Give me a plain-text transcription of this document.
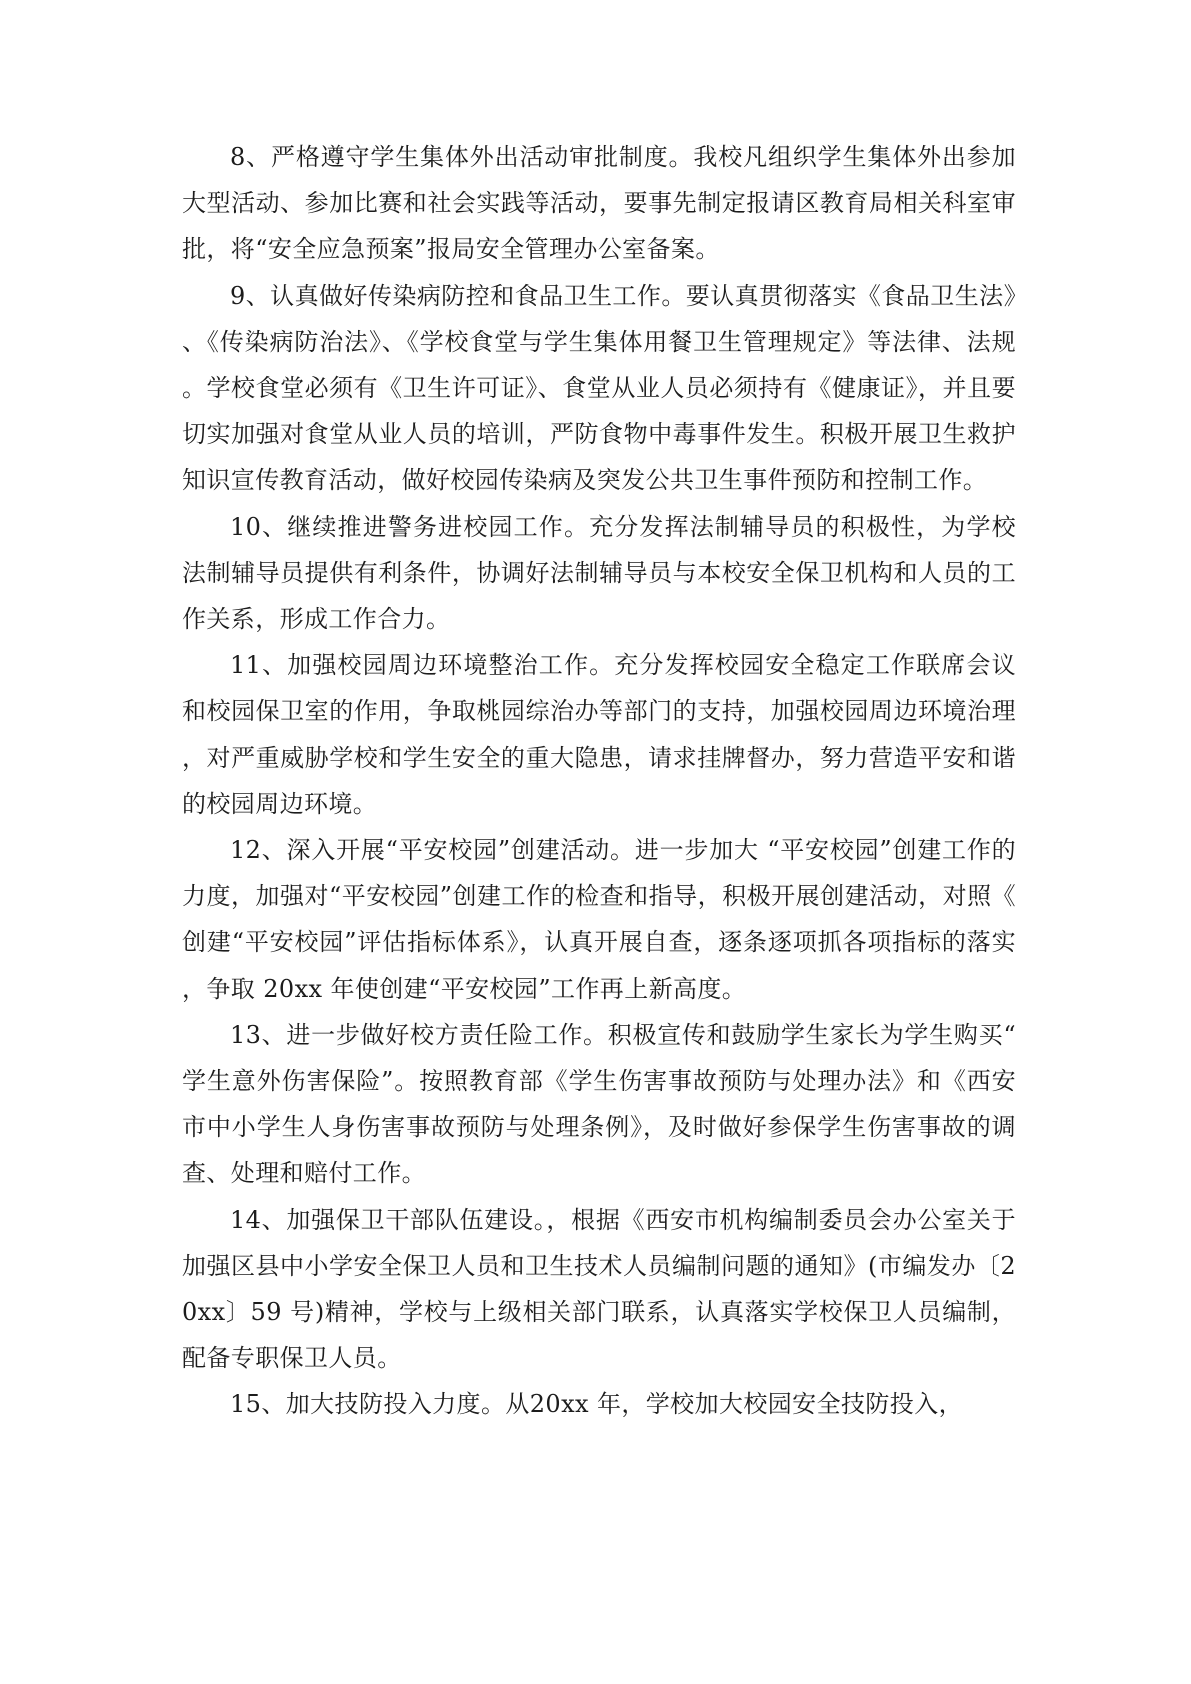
8、严格遵守学生集体外出活动审批制度。我校凡组织学生集体外出参加大型活动、参加比赛和社会实践等活动，要事先制定报请区教育局相关科室审批，将“安全应急预案”报局安全管理办公室备案。

9、认真做好传染病防控和食品卫生工作。要认真贯彻落实《食品卫生法》、《传染病防治法》、《学校食堂与学生集体用餐卫生管理规定》等法律、法规。学校食堂必须有《卫生许可证》、食堂从业人员必须持有《健康证》，并且要切实加强对食堂从业人员的培训，严防食物中毒事件发生。积极开展卫生救护知识宣传教育活动，做好校园传染病及突发公共卫生事件预防和控制工作。

10、继续推进警务进校园工作。充分发挥法制辅导员的积极性，为学校法制辅导员提供有利条件，协调好法制辅导员与本校安全保卫机构和人员的工作关系，形成工作合力。

11、加强校园周边环境整治工作。充分发挥校园安全稳定工作联席会议和校园保卫室的作用，争取桃园综治办等部门的支持，加强校园周边环境治理，对严重威胁学校和学生安全的重大隐患，请求挂牌督办，努力营造平安和谐的校园周边环境。

12、深入开展“平安校园”创建活动。进一步加大 “平安校园”创建工作的力度，加强对“平安校园”创建工作的检查和指导，积极开展创建活动，对照《创建“平安校园”评估指标体系》，认真开展自查，逐条逐项抓各项指标的落实，争取 20xx 年使创建“平安校园”工作再上新高度。

13、进一步做好校方责任险工作。积极宣传和鼓励学生家长为学生购买“学生意外伤害保险”。按照教育部《学生伤害事故预防与处理办法》和《西安市中小学生人身伤害事故预防与处理条例》，及时做好参保学生伤害事故的调查、处理和赔付工作。

14、加强保卫干部队伍建设。，根据《西安市机构编制委员会办公室关于加强区县中小学安全保卫人员和卫生技术人员编制问题的通知》(市编发办〔20xx〕59 号)精神，学校与上级相关部门联系，认真落实学校保卫人员编制，配备专职保卫人员。

15、加大技防投入力度。从20xx 年，学校加大校园安全技防投入，
